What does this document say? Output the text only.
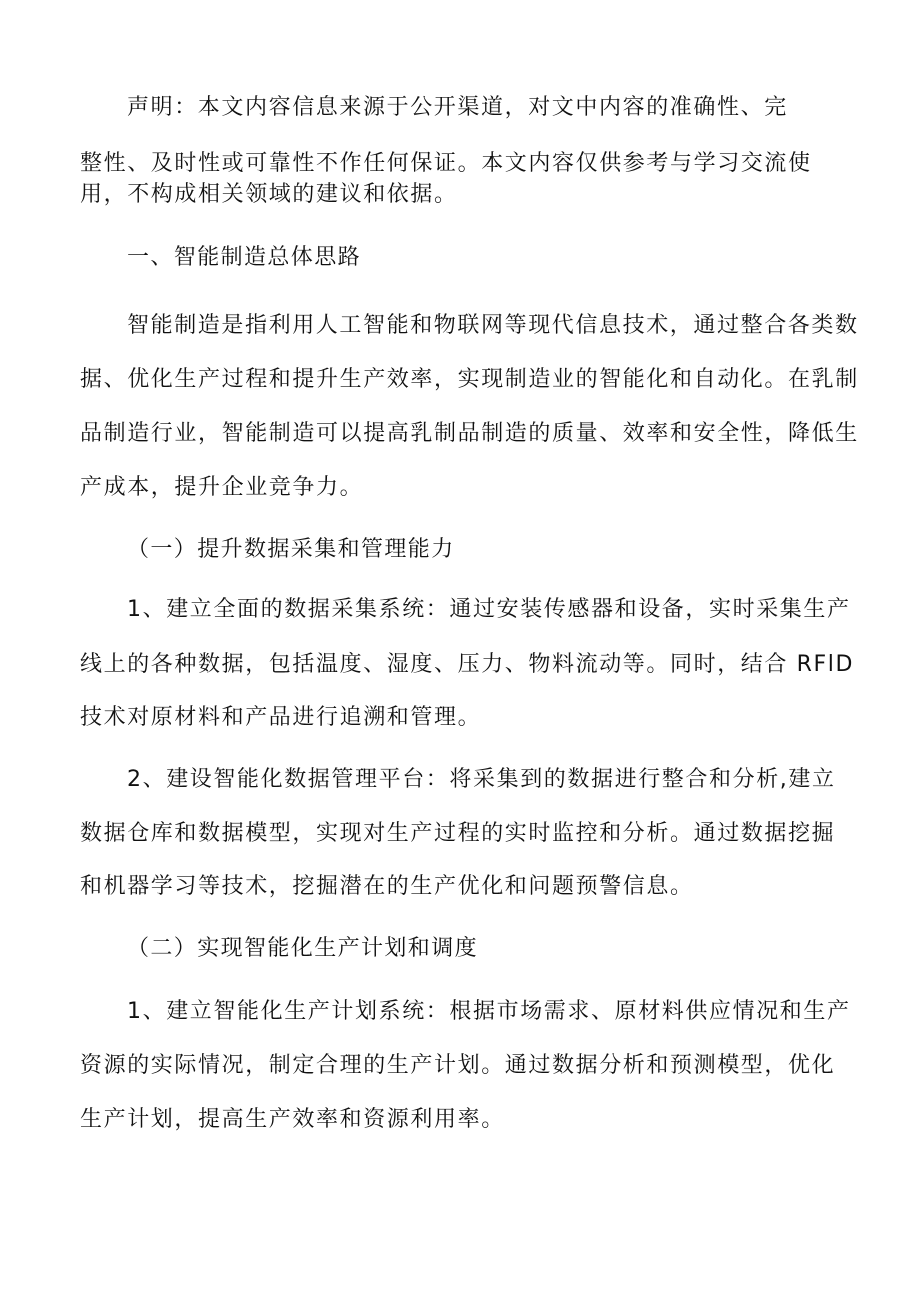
声明：本文内容信息来源于公开渠道，对文中内容的准确性、完
整性、及时性或可靠性不作任何保证。本文内容仅供参考与学习交流使
用，不构成相关领域的建议和依据。
一、智能制造总体思路
智能制造是指利用人工智能和物联网等现代信息技术，通过整合各类数
据、优化生产过程和提升生产效率，实现制造业的智能化和自动化。在乳制
品制造行业，智能制造可以提高乳制品制造的质量、效率和安全性，降低生
产成本，提升企业竞争力。
（一）提升数据采集和管理能力
1、建立全面的数据采集系统：通过安装传感器和设备，实时采集生产
线上的各种数据，包括温度、湿度、压力、物料流动等。同时，结合 RFlD
技术对原材料和产品进行追溯和管理。
2、建设智能化数据管理平台：将采集到的数据进行整合和分析,建立
数据仓库和数据模型，实现对生产过程的实时监控和分析。通过数据挖掘
和机器学习等技术，挖掘潜在的生产优化和问题预警信息。
（二）实现智能化生产计划和调度
1、建立智能化生产计划系统：根据市场需求、原材料供应情况和生产
资源的实际情况，制定合理的生产计划。通过数据分析和预测模型，优化
生产计划，提高生产效率和资源利用率。
